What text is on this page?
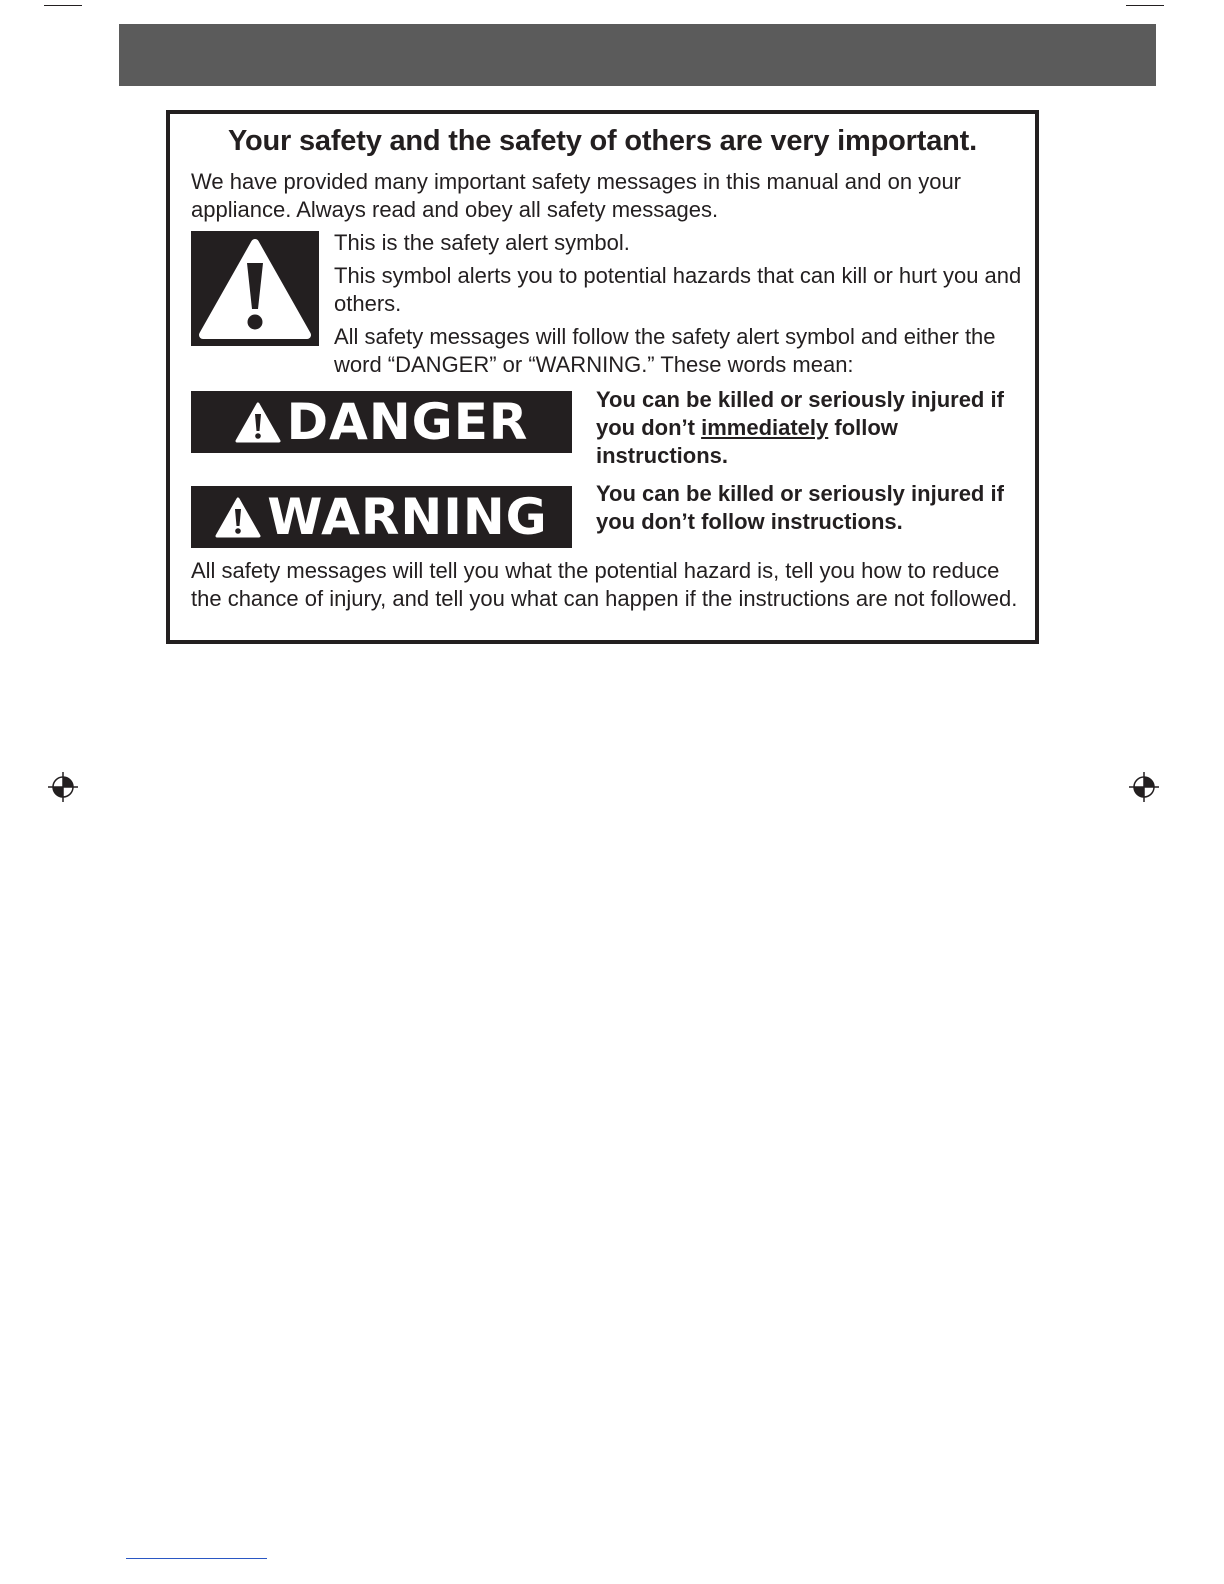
Your safety and the safety of others are very important.

We have provided many important safety messages in this manual and on your appliance. Always read and obey all safety messages.

This is the safety alert symbol.

This symbol alerts you to potential hazards that can kill or hurt you and others.

All safety messages will follow the safety alert symbol and either the word “DANGER” or “WARNING.” These words mean:

DANGER	You can be killed or seriously injured if you don’t immediately follow instructions.

WARNING You can be killed or seriously injured if you don’t follow instructions.

All safety messages will tell you what the potential hazard is, tell you how to reduce the chance of injury, and tell you what can happen if the instructions are not followed.
